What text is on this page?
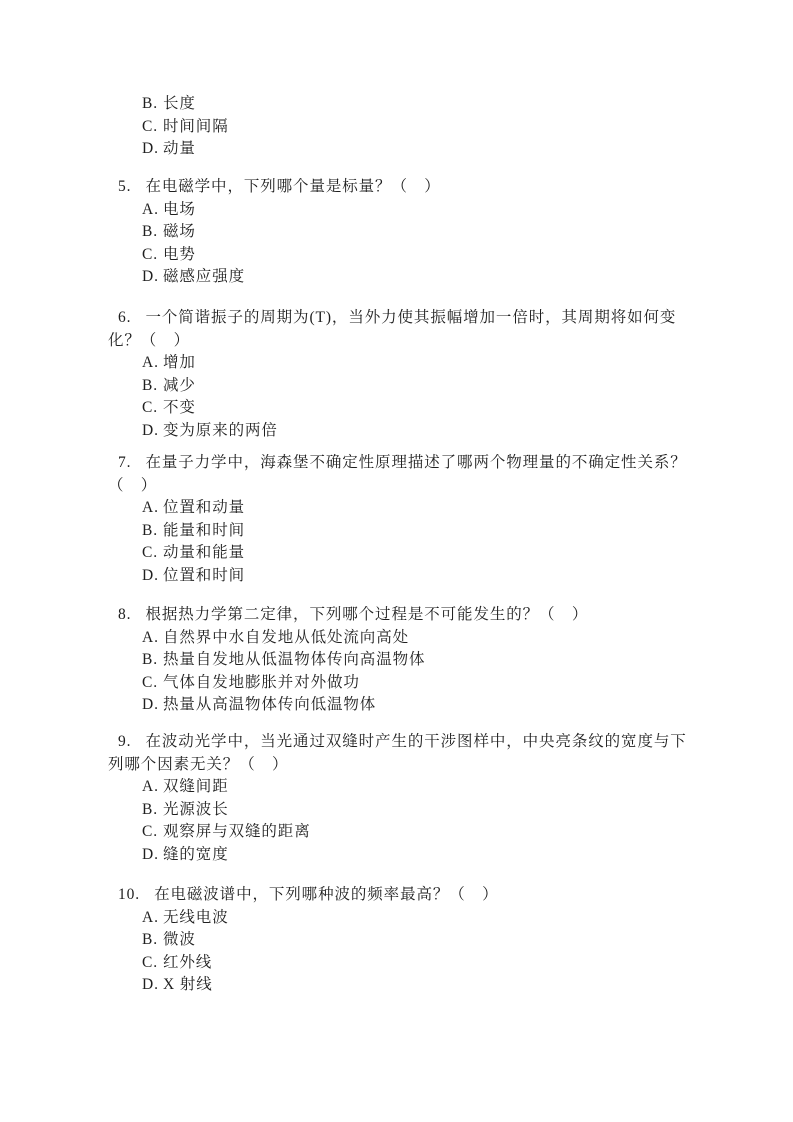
B. 长度
C. 时间间隔
D. 动量
5. 在电磁学中，下列哪个量是标量？（　）
A. 电场
B. 磁场
C. 电势
D. 磁感应强度
6. 一个简谐振子的周期为(T)，当外力使其振幅增加一倍时，其周期将如何变
化？（　）
A. 增加
B. 减少
C. 不变
D. 变为原来的两倍
7. 在量子力学中，海森堡不确定性原理描述了哪两个物理量的不确定性关系？
（　）
A. 位置和动量
B. 能量和时间
C. 动量和能量
D. 位置和时间
8. 根据热力学第二定律，下列哪个过程是不可能发生的？（　）
A. 自然界中水自发地从低处流向高处
B. 热量自发地从低温物体传向高温物体
C. 气体自发地膨胀并对外做功
D. 热量从高温物体传向低温物体
9. 在波动光学中，当光通过双缝时产生的干涉图样中，中央亮条纹的宽度与下
列哪个因素无关？（　）
A. 双缝间距
B. 光源波长
C. 观察屏与双缝的距离
D. 缝的宽度
10. 在电磁波谱中，下列哪种波的频率最高？（　）
A. 无线电波
B. 微波
C. 红外线
D. X 射线
